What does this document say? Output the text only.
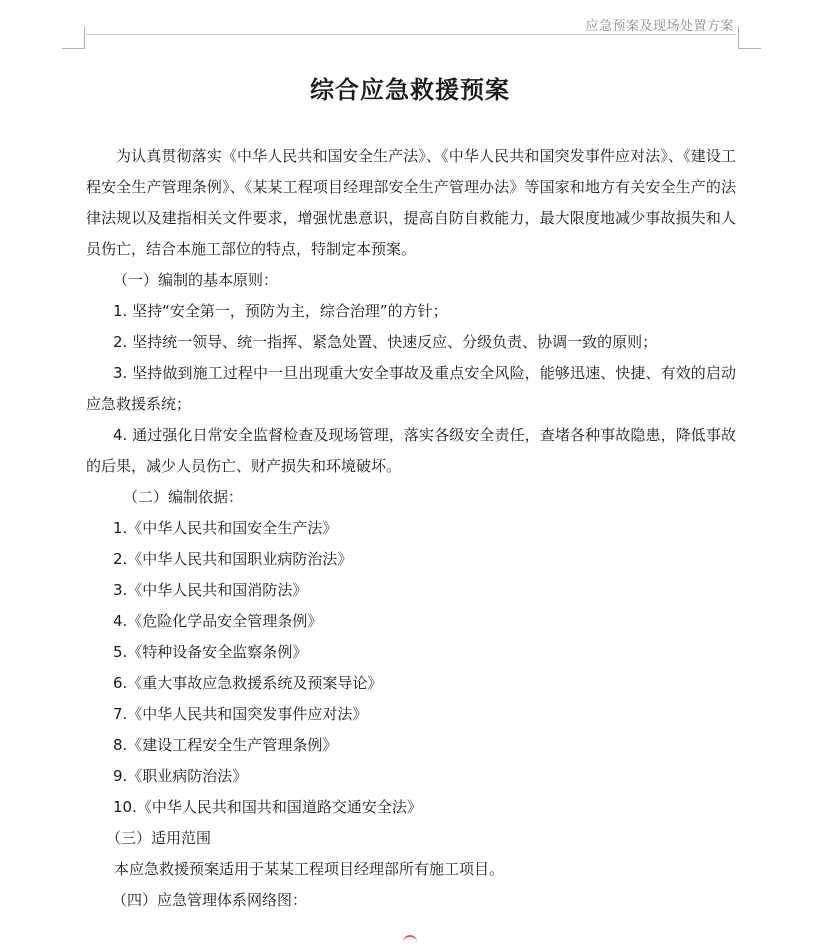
应急预案及现场处置方案
综合应急救援预案

为认真贯彻落实《中华人民共和国安全生产法》、《中华人民共和国突发事件应对法》、《建设工程安全生产管理条例》、《某某工程项目经理部安全生产管理办法》等国家和地方有关安全生产的法律法规以及建指相关文件要求，增强忧患意识，提高自防自救能力，最大限度地减少事故损失和人员伤亡，结合本施工部位的特点，特制定本预案。

（一）编制的基本原则：

1. 坚持“安全第一，预防为主，综合治理”的方针；

2. 坚持统一领导、统一指挥、紧急处置、快速反应、分级负责、协调一致的原则；

3. 坚持做到施工过程中一旦出现重大安全事故及重点安全风险，能够迅速、快捷、有效的启动应急救援系统；

4. 通过强化日常安全监督检查及现场管理，落实各级安全责任，查堵各种事故隐患，降低事故的后果，减少人员伤亡、财产损失和环境破坏。

（二）编制依据：

1.《中华人民共和国安全生产法》

2.《中华人民共和国职业病防治法》

3.《中华人民共和国消防法》

4.《危险化学品安全管理条例》

5.《特种设备安全监察条例》

6.《重大事故应急救援系统及预案导论》

7.《中华人民共和国突发事件应对法》

8.《建设工程安全生产管理条例》

9.《职业病防治法》

10.《中华人民共和国共和国道路交通安全法》

（三）适用范围

本应急救援预案适用于某某工程项目经理部所有施工项目。

（四）应急管理体系网络图：
